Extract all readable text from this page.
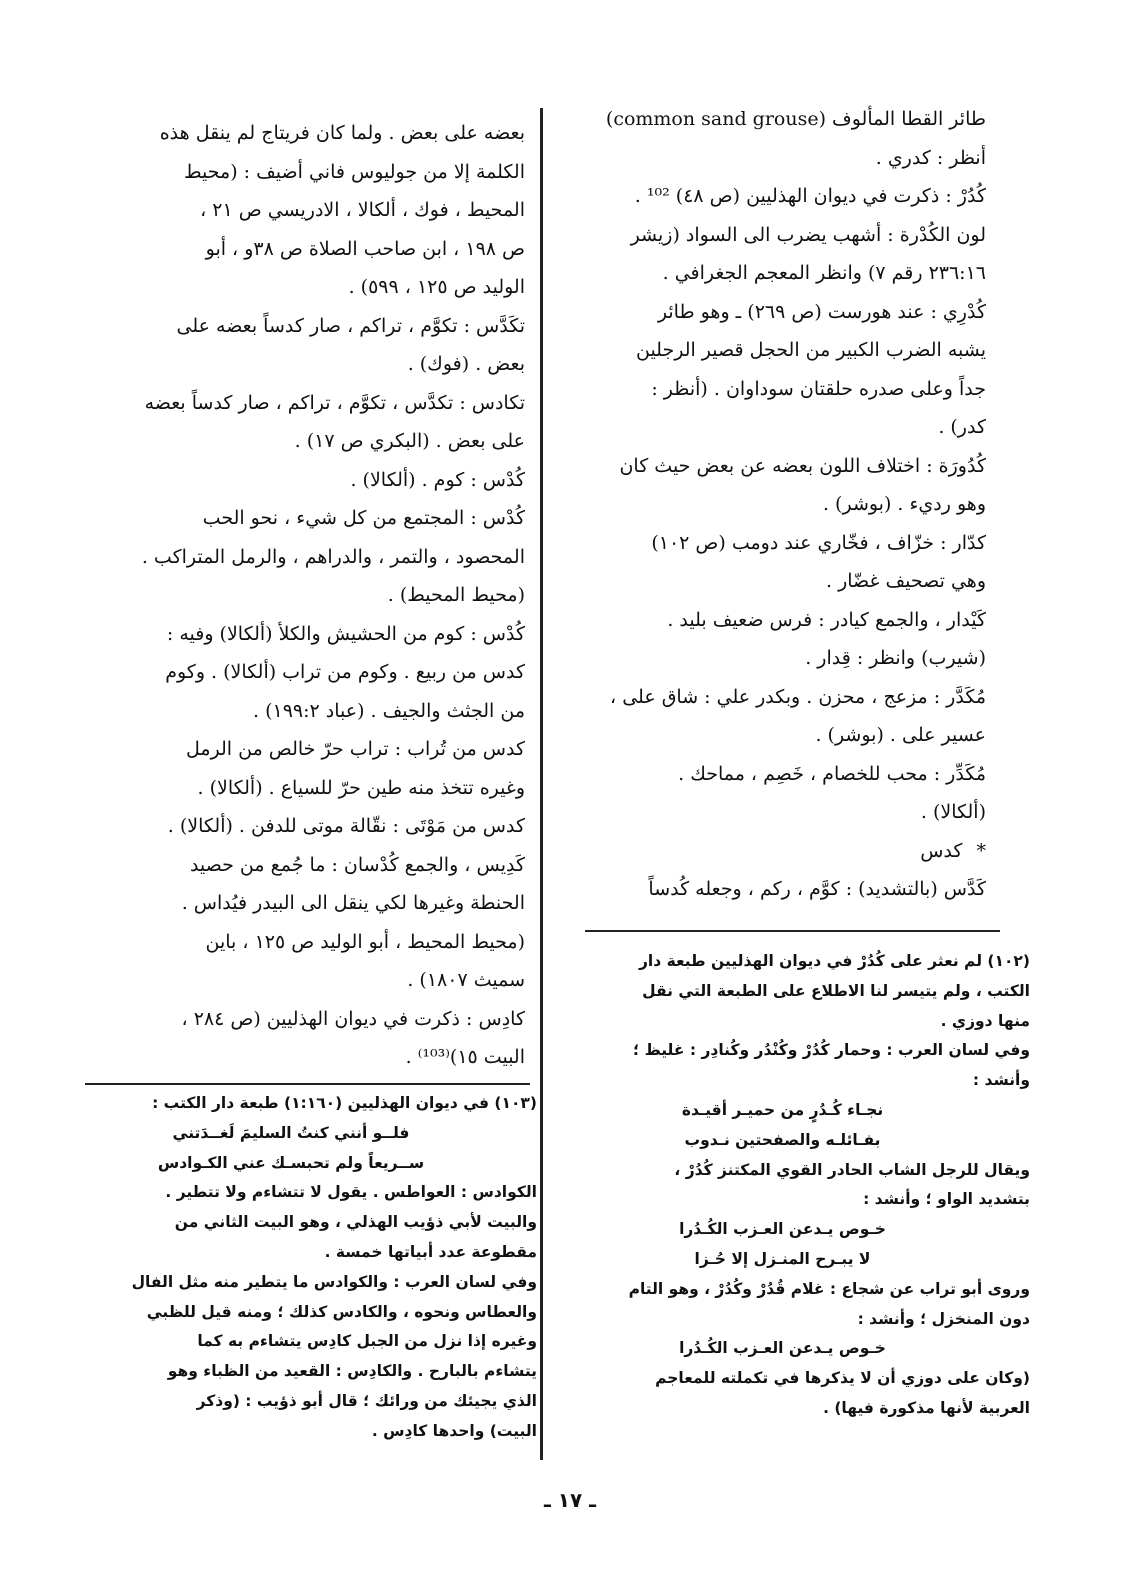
طائر القطا المألوف (common sand grouse)
أنظر : كدري .
كُدُرْ : ذكرت في ديوان الهذليين (ص ٤٨) ¹⁰² .
لون الكُدْرة : أشهب يضرب الى السواد (زيشر
٢٣٦:١٦ رقم ٧) وانظر المعجم الجغرافي .
كُدْرِي : عند هورست (ص ٢٦٩) ـ وهو طائر
يشبه الضرب الكبير من الحجل قصير الرجلين
جداً وعلى صدره حلقتان سوداوان . (أنظر :
كدر) .
كُدُورَة : اختلاف اللون بعضه عن بعض حيث كان
وهو رديء . (بوشر) .
كدّار : خزّاف ، فخّاري عند دومب (ص ١٠٢)
وهي تصحيف غضّار .
كَيْدار ، والجمع كيادر : فرس ضعيف بليد .
(شيرب) وانظر : قِدار .
مُكَدَّر : مزعج ، محزن . وبكدر علي : شاق على ،
عسير على . (بوشر) .
مُكَدِّر : محب للخصام ، خَصِم ، مماحك .
(ألكالا) .
* كدس
كَدَّس (بالتشديد) : كوَّم ، ركم ، وجعله كُدساً
بعضه على بعض . ولما كان فريتاج لم ينقل هذه
الكلمة إلا من جوليوس فاني أضيف : (محيط
المحيط ، فوك ، ألكالا ، الادريسي ص ٢١ ،
ص ١٩٨ ، ابن صاحب الصلاة ص ٣٨و ، أبو
الوليد ص ١٢٥ ، ٥٩٩) .
تكَدَّس : تكوَّم ، تراكم ، صار كدساً بعضه على
بعض . (فوك) .
تكادس : تكدَّس ، تكوَّم ، تراكم ، صار كدساً بعضه
على بعض . (البكري ص ١٧) .
كُدْس : كوم . (ألكالا) .
كُدْس : المجتمع من كل شيء ، نحو الحب
المحصود ، والتمر ، والدراهم ، والرمل المتراكب .
(محيط المحيط) .
كُدْس : كوم من الحشيش والكلأ (ألكالا) وفيه :
كدس من ربيع . وكوم من تراب (ألكالا) . وكوم
من الجثث والجيف . (عباد ١٩٩:٢) .
كدس من تُراب : تراب حرّ خالص من الرمل
وغيره تتخذ منه طين حرّ للسياع . (ألكالا) .
كدس من مَوْتَى : نقّالة موتى للدفن . (ألكالا) .
كَدِيس ، والجمع كُدْسان : ما جُمع من حصيد
الحنطة وغيرها لكي ينقل الى البيدر فيُداس .
(محيط المحيط ، أبو الوليد ص ١٢٥ ، باين
سميث ١٨٠٧) .
كادِس : ذكرت في ديوان الهذليين (ص ٢٨٤ ،
البيت ١٥)⁽¹⁰³⁾ .
(١٠٢) لم نعثر على كُدُرْ في ديوان الهذليين طبعة دار
الكتب ، ولم يتيسر لنا الاطلاع على الطبعة التي نقل
منها دوزي .
وفي لسان العرب : وحمار كُدُرْ وكُنْدُر وكُنادِر : غليظ ؛
وأنشد :
نجـاء كُـدُرٍ من حميـر أقيـدة
بفـائلـه والصفحتين نـدوب
ويقال للرجل الشاب الحادر القوي المكتنز كُدُرْ ،
بتشديد الواو ؛ وأنشد :
خـوص يـدعن العـزب الكُـدُرا
لا يبـرح المنـزل إلا حُـزا
وروى أبو تراب عن شجاع : غلام قُدُرْ وكُدُرْ ، وهو التام
دون المنخزل ؛ وأنشد :
خـوص يـدعن العـزب الكُـدُرا
(وكان على دوزي أن لا يذكرها في تكملته للمعاجم
العربية لأنها مذكورة فيها) .
(١٠٣) في ديوان الهذليين (١:١٦٠) طبعة دار الكتب :
فلــو أنني كنتُ السليمَ لَغــدَتني
ســريعاً ولم تحبسـك عني الكـوادس
الكوادس : العواطس . يقول لا تتشاءم ولا تتطير .
والبيت لأبي ذؤيب الهذلي ، وهو البيت الثاني من
مقطوعة عدد أبياتها خمسة .
وفي لسان العرب : والكوادس ما يتطير منه مثل الفال
والعطاس ونحوه ، والكادس كذلك ؛ ومنه قيل للظبي
وغيره إذا نزل من الجبل كادِس يتشاءم به كما
يتشاءم بالبارح . والكادِس : القعيد من الظباء وهو
الذي يجيئك من ورائك ؛ قال أبو ذؤيب : (وذكر
البيت) واحدها كادِس .
ـ ١٧ ـ
